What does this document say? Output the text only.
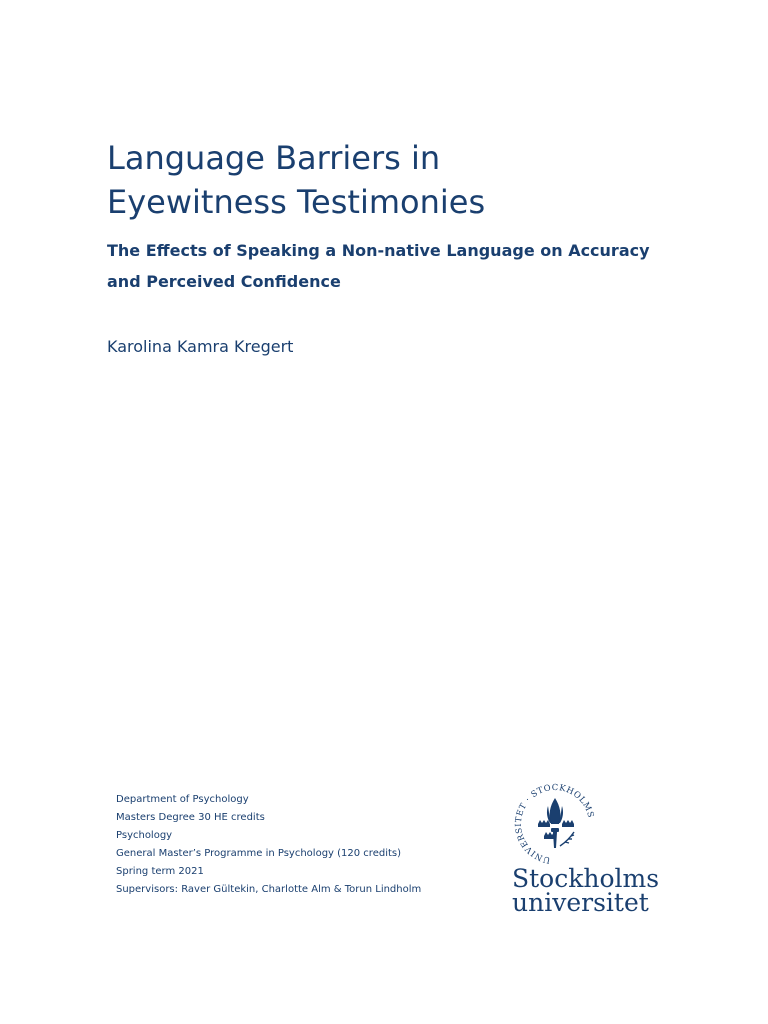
Language Barriers in
Eyewitness Testimonies
The Effects of Speaking a Non-native Language on Accuracy
and Perceived Confidence

Karolina Kamra Kregert

Department of Psychology
Masters Degree 30 HE credits
Psychology
General Master’s Programme in Psychology (120 credits)
Spring term 2021
Supervisors: Raver Gültekin, Charlotte Alm & Torun Lindholm
UNIVERSITET · STOCKHOLMS
Stockholms
universitet
